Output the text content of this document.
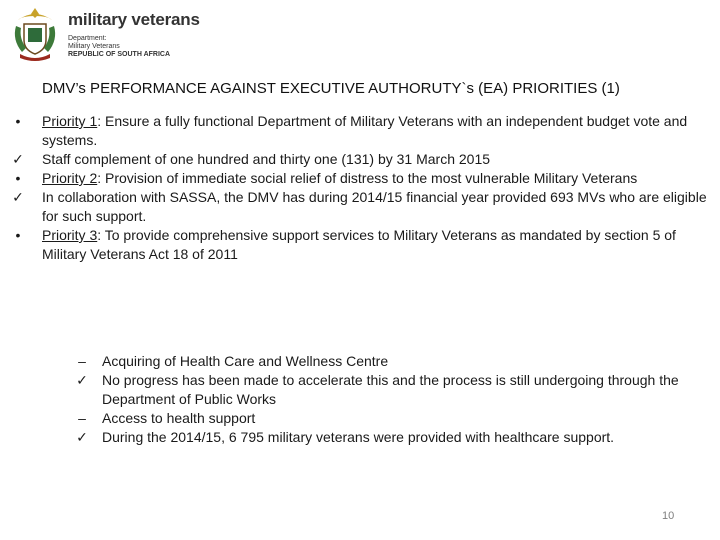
military veterans
Department:
Military Veterans
REPUBLIC OF SOUTH AFRICA
DMV’s PERFORMANCE AGAINST EXECUTIVE AUTHORUTY`s (EA) PRIORITIES (1)
•	Priority 1: Ensure a fully functional Department of Military Veterans with an independent budget vote and systems.
✓ Staff complement of one hundred and thirty one (131) by 31 March 2015
•	Priority 2: Provision of immediate social relief of distress to the most vulnerable Military Veterans
✓ In collaboration with SASSA, the DMV has during 2014/15 financial year provided 693 MVs who are eligible for such support.
•	Priority 3: To provide comprehensive support services to Military Veterans as mandated by section 5 of Military Veterans Act 18 of 2011
–	Acquiring of Health Care and Wellness Centre
✓ No progress has been made to accelerate this and the process is still undergoing through the Department of Public Works
–	Access to health support
✓ During the 2014/15, 6 795 military veterans were provided with healthcare support.
10
